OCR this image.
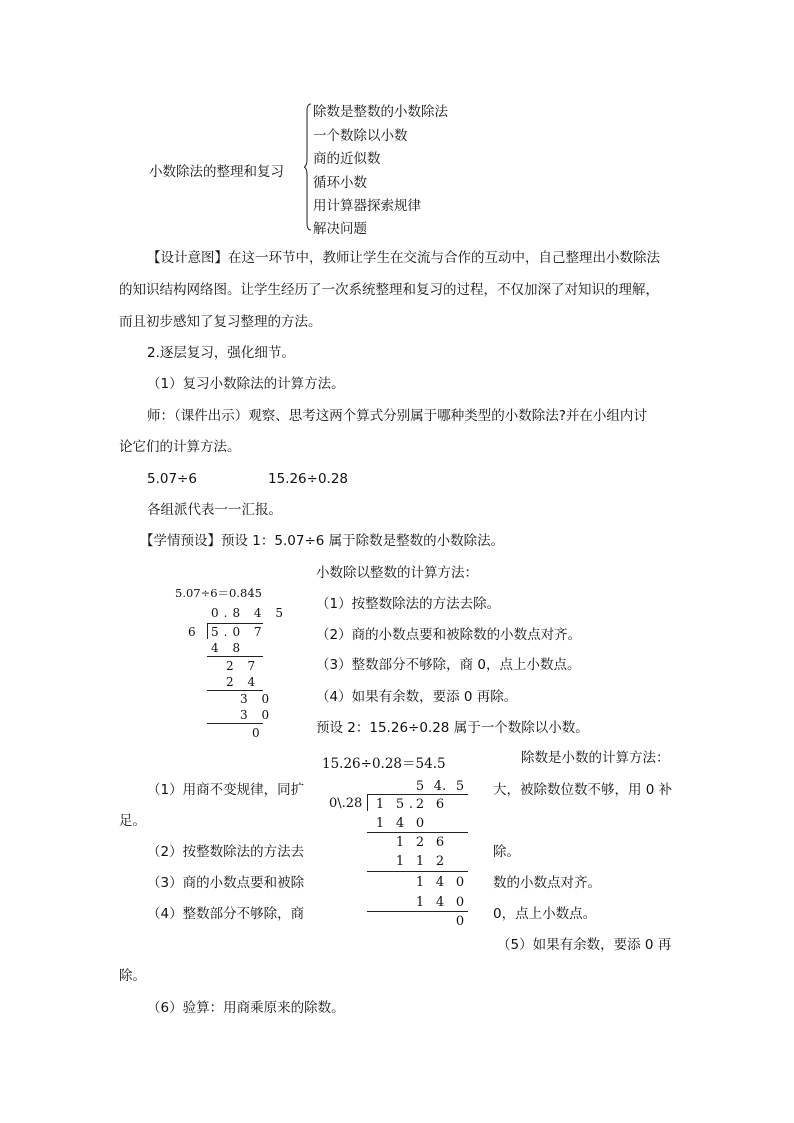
小数除法的整理和复习
除数是整数的小数除法
一个数除以小数
商的近似数
循环小数
用计算器探索规律
解决问题
【设计意图】在这一环节中，教师让学生在交流与合作的互动中，自己整理出小数除法
的知识结构网络图。让学生经历了一次系统整理和复习的过程，不仅加深了对知识的理解，
而且初步感知了复习整理的方法。
2.逐层复习，强化细节。
（1）复习小数除法的计算方法。
师：（课件出示）观察、思考这两个算式分别属于哪种类型的小数除法?并在小组内讨
论它们的计算方法。
5.07÷6	15.26÷0.28
各组派代表一一汇报。
【学情预设】预设 1：5.07÷6 属于除数是整数的小数除法。
5.07÷6＝0.845
0.8 4 5
6 5.0 7
4 8
2 7
2 4
3 0
3 0
0
小数除以整数的计算方法：
（1）按整数除法的方法去除。
（2）商的小数点要和被除数的小数点对齐。
（3）整数部分不够除，商 0，点上小数点。
（4）如果有余数，要添 0 再除。
预设 2：15.26÷0.28 属于一个数除以小数。
15.26÷0.28＝54.5	除数是小数的计算方法：
5 4. 5
0\.28 1 5 . 2 6
1 4 0
1 2 6
1 1 2
1 4 0
1 4 0
0
（1）用商不变规律，同扩	大，被除数位数不够，用 0 补
足。
（2）按整数除法的方法去	除。
（3）商的小数点要和被除	数的小数点对齐。
（4）整数部分不够除，商	0，点上小数点。
（5）如果有余数，要添 0 再
除。
（6）验算：用商乘原来的除数。
